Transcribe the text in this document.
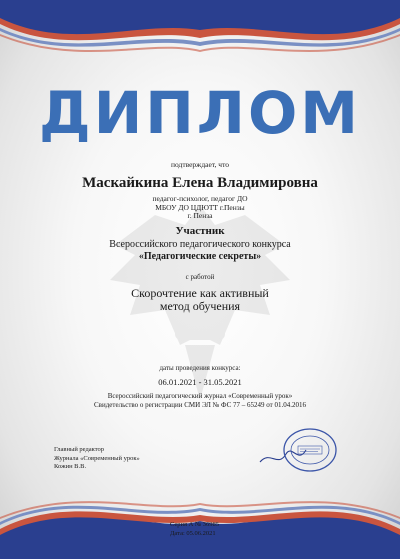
ДИПЛОМ
подтверждает, что
Маскайкина Елена Владимировна
педагог-психолог, педагог ДО
МБОУ ДО ЦДЮТТ г.Пензы
г. Пенза
Участник
Всероссийского педагогического конкурса
«Педагогические секреты»
с работой
Скорочтение как активный
метод обучения
даты проведения конкурса:
06.01.2021 - 31.05.2021
Всероссийский педагогический журнал «Современный урок»
Свидетельство о регистрации СМИ ЭЛ № ФС 77 – 65249 от 01.04.2016
Главный редактор
Журнала «Современный урок»
Кожин В.В.
Серия А № 36985
Дата: 05.06.2021
